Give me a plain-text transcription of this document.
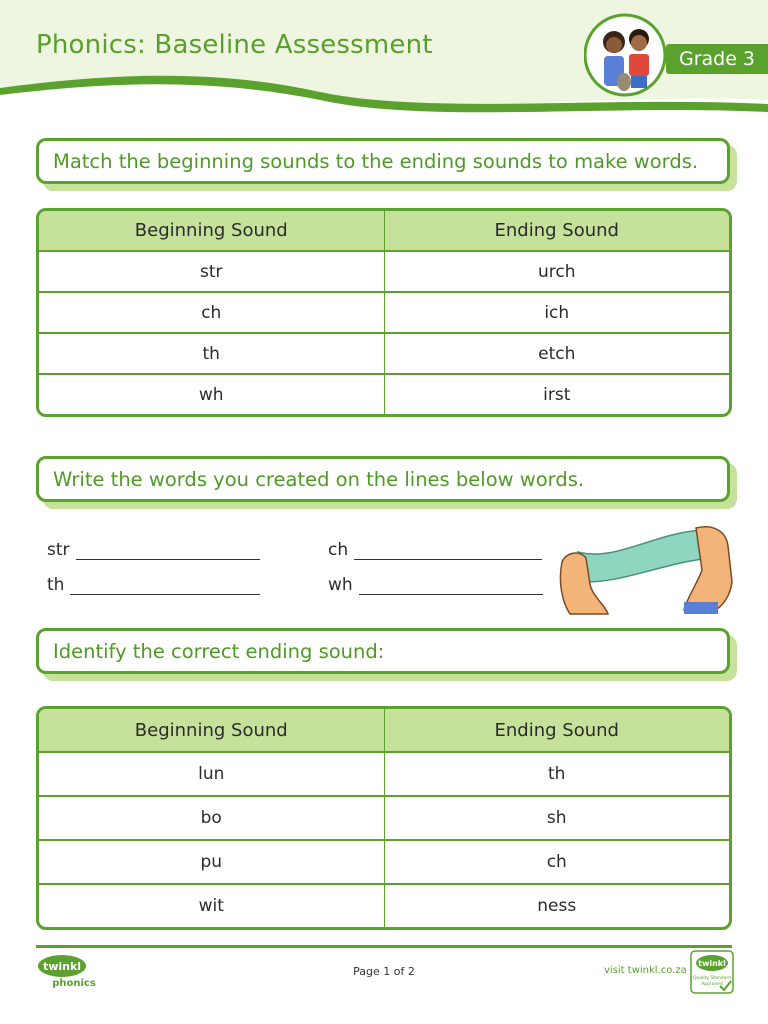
Phonics: Baseline Assessment	Grade 3
Match the beginning sounds to the ending sounds to make words.
Beginning Sound	Ending Sound
str	urch
ch	ich
th	etch
wh	irst
Write the words you created on the lines below words.
str	ch
th	wh
Identify the correct ending sound:
Beginning Sound	Ending Sound
lun	th
bo	sh
pu	ch
wit	ness
twinkl
phonics
Page 1 of 2	visit twinkl.co.za
twinkl
Quality Standard
Approved
